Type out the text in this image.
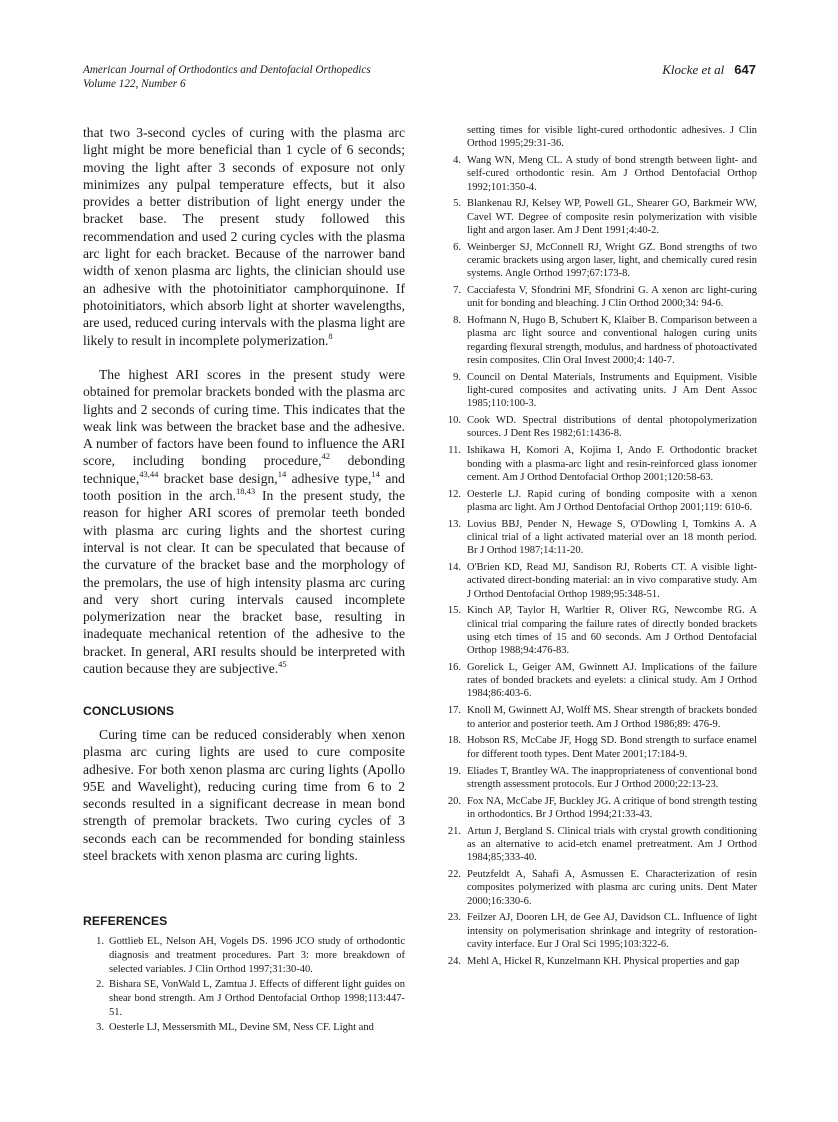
American Journal of Orthodontics and Dentofacial Orthopedics
Volume 122, Number 6
Klocke et al 647

that two 3-second cycles of curing with the plasma arc light might be more beneficial than 1 cycle of 6 seconds; moving the light after 3 seconds of exposure not only minimizes any pulpal temperature effects, but it also provides a better distribution of light energy under the bracket base. The present study followed this recommendation and used 2 curing cycles with the plasma arc light for each bracket. Because of the narrower band width of xenon plasma arc lights, the clinician should use an adhesive with the photoinitiator camphorquinone. If photoinitiators, which absorb light at shorter wavelengths, are used, reduced curing intervals with the plasma light are likely to result in incomplete polymerization.$^8$

The highest ARI scores in the present study were obtained for premolar brackets bonded with the plasma arc lights and 2 seconds of curing time. This indicates that the weak link was between the bracket base and the adhesive. A number of factors have been found to influence the ARI score, including bonding procedure,$^{42}$ debonding technique,$^{43,44}$ bracket base design,$^{14}$ adhesive type,$^{14}$ and tooth position in the arch.$^{18,43}$ In the present study, the reason for higher ARI scores of premolar teeth bonded with plasma arc curing lights and the shortest curing interval is not clear. It can be speculated that because of the curvature of the bracket base and the morphology of the premolars, the use of high intensity plasma arc curing and very short curing intervals caused incomplete polymerization near the bracket base, resulting in inadequate mechanical retention of the adhesive to the bracket. In general, ARI results should be interpreted with caution because they are subjective.$^{45}$

CONCLUSIONS

Curing time can be reduced considerably when xenon plasma arc curing lights are used to cure composite adhesive. For both xenon plasma arc curing lights (Apollo 95E and Wavelight), reducing curing time from 6 to 2 seconds resulted in a significant decrease in mean bond strength of premolar brackets. Two curing cycles of 3 seconds each can be recommended for bonding stainless steel brackets with xenon plasma arc curing lights.

REFERENCES
1. Gottlieb EL, Nelson AH, Vogels DS. 1996 JCO study of orthodontic diagnosis and treatment procedures. Part 3: more breakdown of selected variables. J Clin Orthod 1997;31:30-40.
2. Bishara SE, VonWald L, Zamtua J. Effects of different light guides on shear bond strength. Am J Orthod Dentofacial Orthop 1998;113:447-51.
3. Oesterle LJ, Messersmith ML, Devine SM, Ness CF. Light and
setting times for visible light-cured orthodontic adhesives. J Clin Orthod 1995;29:31-36.
4. Wang WN, Meng CL. A study of bond strength between light- and self-cured orthodontic resin. Am J Orthod Dentofacial Orthop 1992;101:350-4.
5. Blankenau RJ, Kelsey WP, Powell GL, Shearer GO, Barkmeir WW, Cavel WT. Degree of composite resin polymerization with visible light and argon laser. Am J Dent 1991;4:40-2.
6. Weinberger SJ, McConnell RJ, Wright GZ. Bond strengths of two ceramic brackets using argon laser, light, and chemically cured resin systems. Angle Orthod 1997;67:173-8.
7. Cacciafesta V, Sfondrini MF, Sfondrini G. A xenon arc light-curing unit for bonding and bleaching. J Clin Orthod 2000;34: 94-6.
8. Hofmann N, Hugo B, Schubert K, Klaiber B. Comparison between a plasma arc light source and conventional halogen curing units regarding flexural strength, modulus, and hardness of photoactivated resin composites. Clin Oral Invest 2000;4: 140-7.
9. Council on Dental Materials, Instruments and Equipment. Visible light-cured composites and activating units. J Am Dent Assoc 1985;110:100-3.
10. Cook WD. Spectral distributions of dental photopolymerization sources. J Dent Res 1982;61:1436-8.
11. Ishikawa H, Komori A, Kojima I, Ando F. Orthodontic bracket bonding with a plasma-arc light and resin-reinforced glass ionomer cement. Am J Orthod Dentofacial Orthop 2001;120:58-63.
12. Oesterle LJ. Rapid curing of bonding composite with a xenon plasma arc light. Am J Orthod Dentofacial Orthop 2001;119: 610-6.
13. Lovius BBJ, Pender N, Hewage S, O'Dowling I, Tomkins A. A clinical trial of a light activated material over an 18 month period. Br J Orthod 1987;14:11-20.
14. O'Brien KD, Read MJ, Sandison RJ, Roberts CT. A visible light-activated direct-bonding material: an in vivo comparative study. Am J Orthod Dentofacial Orthop 1989;95:348-51.
15. Kinch AP, Taylor H, Warltier R, Oliver RG, Newcombe RG. A clinical trial comparing the failure rates of directly bonded brackets using etch times of 15 and 60 seconds. Am J Orthod Dentofacial Orthop 1988;94:476-83.
16. Gorelick L, Geiger AM, Gwinnett AJ. Implications of the failure rates of bonded brackets and eyelets: a clinical study. Am J Orthod 1984;86:403-6.
17. Knoll M, Gwinnett AJ, Wolff MS. Shear strength of brackets bonded to anterior and posterior teeth. Am J Orthod 1986;89: 476-9.
18. Hobson RS, McCabe JF, Hogg SD. Bond strength to surface enamel for different tooth types. Dent Mater 2001;17:184-9.
19. Eliades T, Brantley WA. The inappropriateness of conventional bond strength assessment protocols. Eur J Orthod 2000;22:13-23.
20. Fox NA, McCabe JF, Buckley JG. A critique of bond strength testing in orthodontics. Br J Orthod 1994;21:33-43.
21. Artun J, Bergland S. Clinical trials with crystal growth conditioning as an alternative to acid-etch enamel pretreatment. Am J Orthod 1984;85;333-40.
22. Peutzfeldt A, Sahafi A, Asmussen E. Characterization of resin composites polymerized with plasma arc curing units. Dent Mater 2000;16:330-6.
23. Feilzer AJ, Dooren LH, de Gee AJ, Davidson CL. Influence of light intensity on polymerisation shrinkage and integrity of restoration-cavity interface. Eur J Oral Sci 1995;103:322-6.
24. Mehl A, Hickel R, Kunzelmann KH. Physical properties and gap
